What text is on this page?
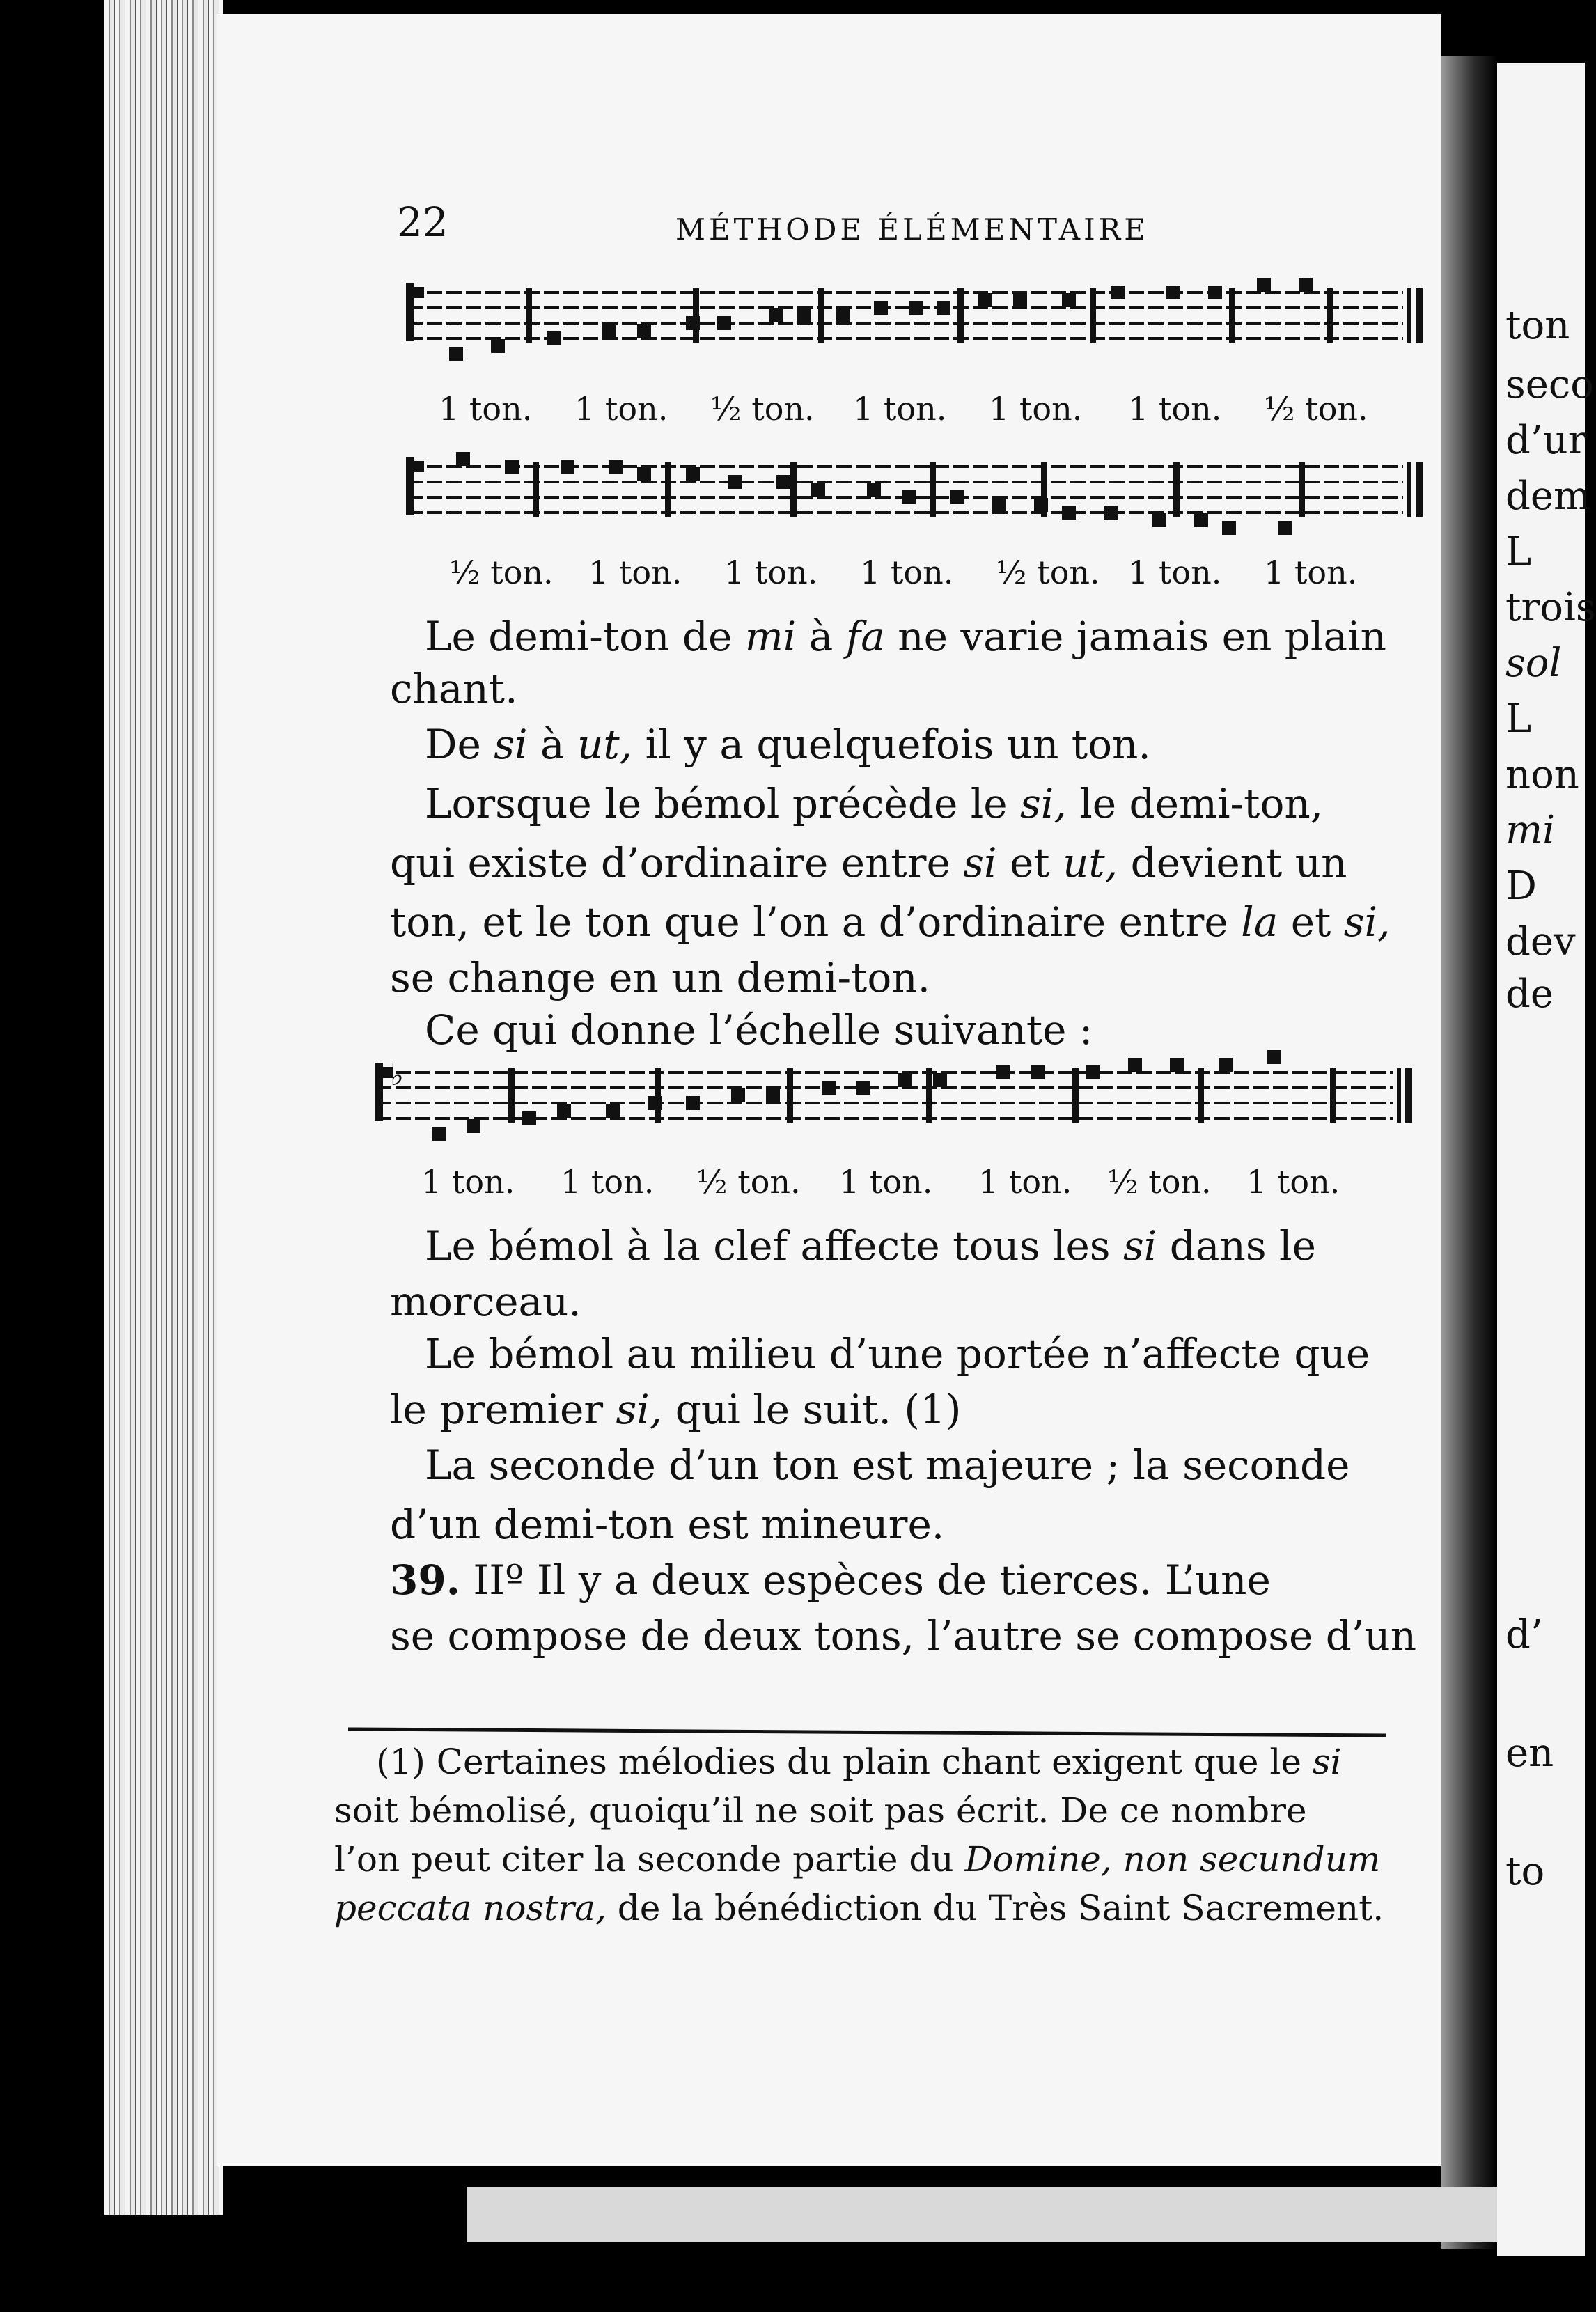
ton
seco
d’ur
dem
L
trois
sol
L
non
mi
D
dev
de
d’
en
to
22	MÉTHODE ÉLÉMENTAIRE
1 ton. 1 ton. ½ ton. 1 ton. 1 ton. 1 ton. ½ ton.
½ ton. 1 ton. 1 ton. 1 ton. ½ ton. 1 ton. 1 ton.
Le demi-ton de mi à fa ne varie jamais en plain
chant.
De si à ut, il y a quelquefois un ton.
Lorsque le bémol précède le si, le demi-ton,
qui existe d’ordinaire entre si et ut, devient un
ton, et le ton que l’on a d’ordinaire entre la et si,
se change en un demi-ton.
Ce qui donne l’échelle suivante :
♭
1 ton. 1 ton. ½ ton. 1 ton. 1 ton. ½ ton. 1 ton.
Le bémol à la clef affecte tous les si dans le
morceau.
Le bémol au milieu d’une portée n’affecte que
le premier si, qui le suit. (1)
La seconde d’un ton est majeure ; la seconde
d’un demi-ton est mineure.
39. IIº Il y a deux espèces de tierces. L’une
se compose de deux tons, l’autre se compose d’un
(1) Certaines mélodies du plain chant exigent que le si
soit bémolisé, quoiqu’il ne soit pas écrit. De ce nombre
l’on peut citer la seconde partie du Domine, non secundum
peccata nostra, de la bénédiction du Très Saint Sacrement.
